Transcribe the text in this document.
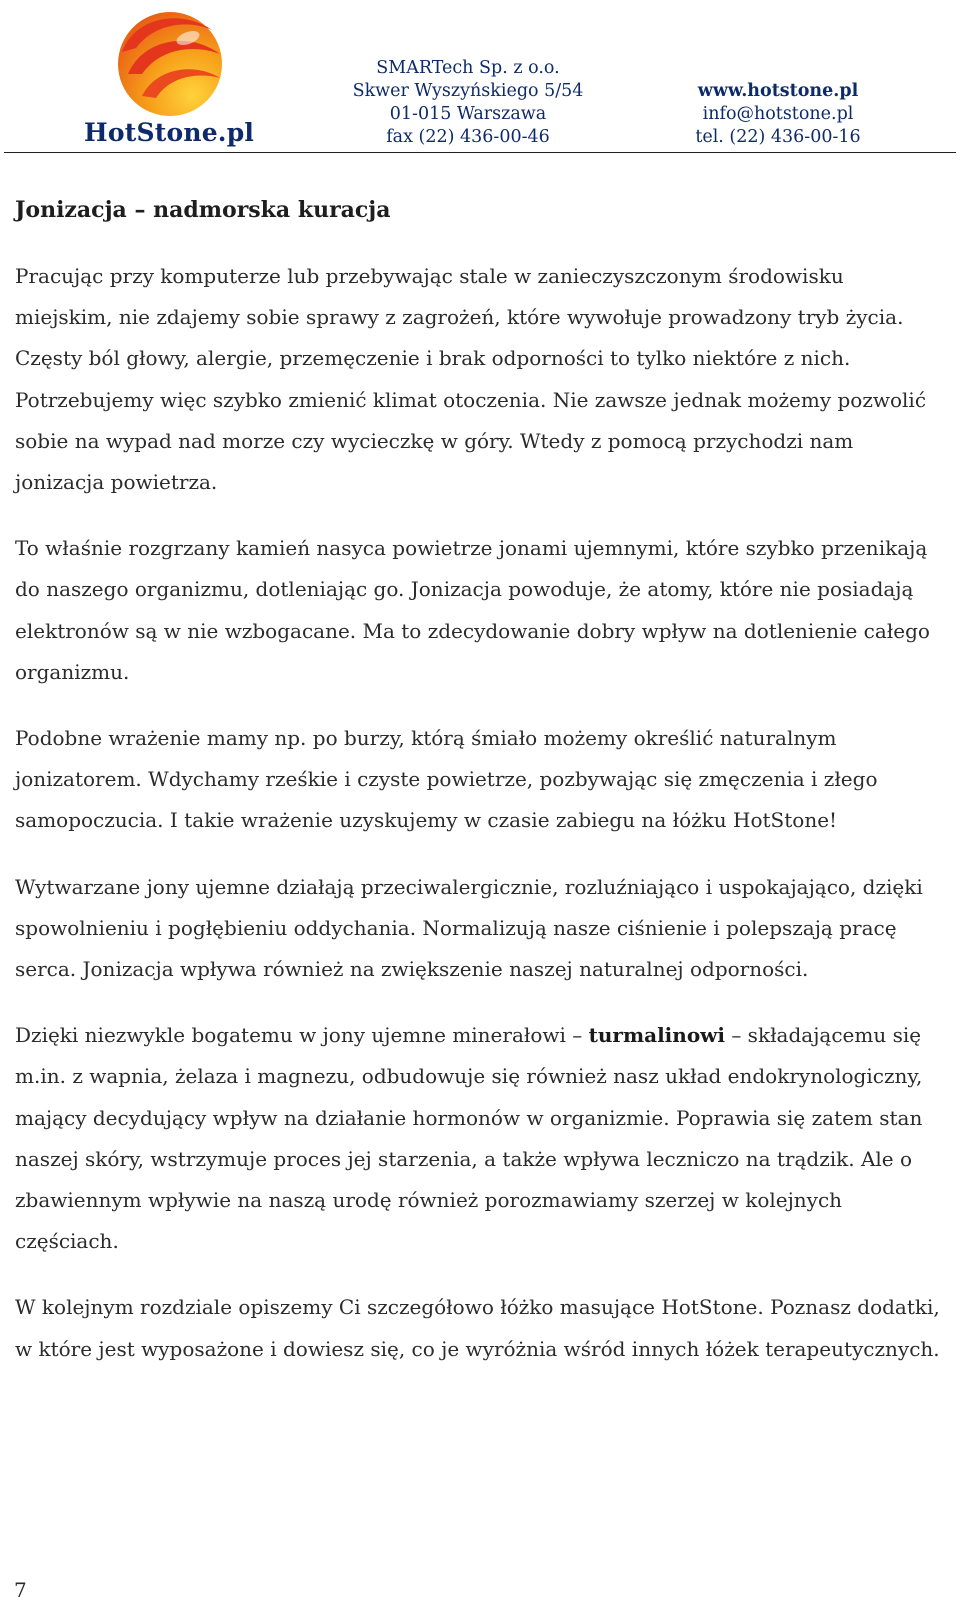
HotStone.pl
SMARTech Sp. z o.o.
Skwer Wyszyńskiego 5/54
01-015 Warszawa
fax (22) 436-00-46
www.hotstone.pl
info@hotstone.pl
tel. (22) 436-00-16
Jonizacja – nadmorska kuracja

Pracując przy komputerze lub przebywając stale w zanieczyszczonym środowisku miejskim, nie zdajemy sobie sprawy z zagrożeń, które wywołuje prowadzony tryb życia. Częsty ból głowy, alergie, przemęczenie i brak odporności to tylko niektóre z nich. Potrzebujemy więc szybko zmienić klimat otoczenia. Nie zawsze jednak możemy pozwolić sobie na wypad nad morze czy wycieczkę w góry. Wtedy z pomocą przychodzi nam jonizacja powietrza.

To właśnie rozgrzany kamień nasyca powietrze jonami ujemnymi, które szybko przenikają do naszego organizmu, dotleniając go. Jonizacja powoduje, że atomy, które nie posiadają elektronów są w nie wzbogacane. Ma to zdecydowanie dobry wpływ na dotlenienie całego organizmu.

Podobne wrażenie mamy np. po burzy, którą śmiało możemy określić naturalnym jonizatorem. Wdychamy rześkie i czyste powietrze, pozbywając się zmęczenia i złego samopoczucia. I takie wrażenie uzyskujemy w czasie zabiegu na łóżku HotStone!

Wytwarzane jony ujemne działają przeciwalergicznie, rozluźniająco i uspokajająco, dzięki spowolnieniu i pogłębieniu oddychania. Normalizują nasze ciśnienie i polepszają pracę serca. Jonizacja wpływa również na zwiększenie naszej naturalnej odporności.

Dzięki niezwykle bogatemu w jony ujemne minerałowi – turmalinowi – składającemu się m.in. z wapnia, żelaza i magnezu, odbudowuje się również nasz układ endokrynologiczny, mający decydujący wpływ na działanie hormonów w organizmie. Poprawia się zatem stan naszej skóry, wstrzymuje proces jej starzenia, a także wpływa leczniczo na trądzik. Ale o zbawiennym wpływie na naszą urodę również porozmawiamy szerzej w kolejnych częściach.

W kolejnym rozdziale opiszemy Ci szczegółowo łóżko masujące HotStone. Poznasz dodatki, w które jest wyposażone i dowiesz się, co je wyróżnia wśród innych łóżek terapeutycznych.

7
